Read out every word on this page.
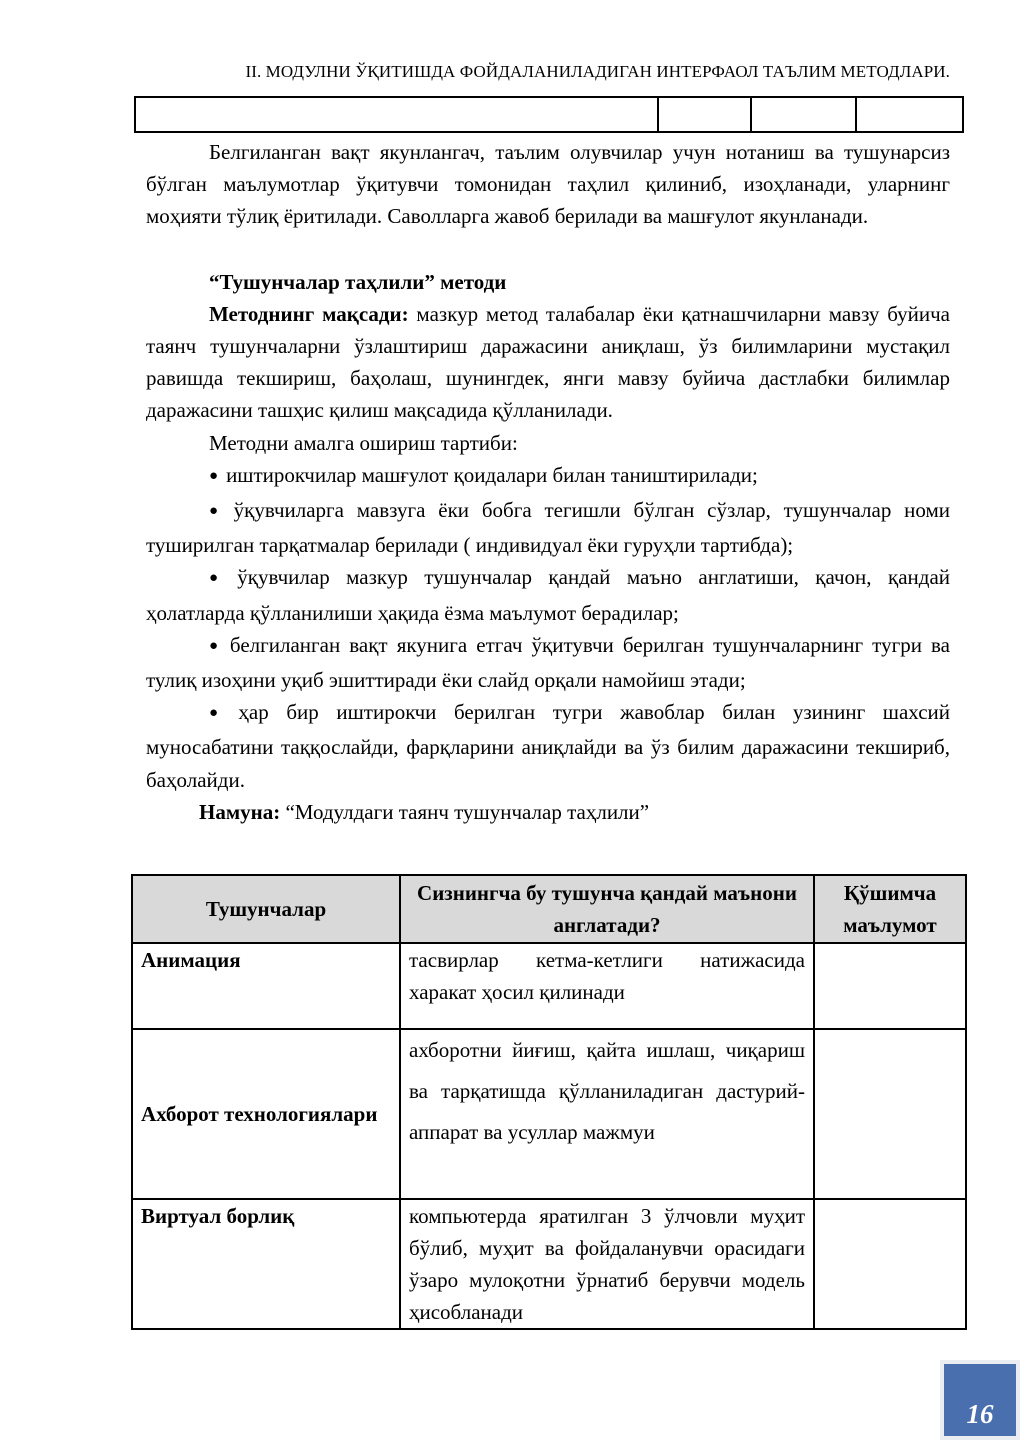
II. МОДУЛНИ ЎҚИТИШДА ФОЙДАЛАНИЛАДИГАН ИНТЕРФАОЛ ТАЪЛИМ МЕТОДЛАРИ.

Белгиланган вақт якунлангач, таълим олувчилар учун нотаниш ва тушунарсиз бўлган маълумотлар ўқитувчи томонидан таҳлил қилиниб, изоҳланади, уларнинг моҳияти тўлиқ ёритилади. Саволларга жавоб берилади ва машғулот якунланади.

“Тушунчалар таҳлили” методи

Методнинг мақсади: мазкур метод талабалар ёки қатнашчиларни мавзу буйича таянч тушунчаларни ўзлаштириш даражасини аниқлаш, ўз билимларини мустақил равишда текшириш, баҳолаш, шунингдек, янги мавзу буйича дастлабки билимлар даражасини ташҳис қилиш мақсадида қўлланилади.

Методни амалга ошириш тартиби:

● иштирокчилар машғулот қоидалари билан таништирилади;

● ўқувчиларга мавзуга ёки бобга тегишли бўлган сўзлар, тушунчалар номи туширилган тарқатмалар берилади ( индивидуал ёки гуруҳли тартибда);

● ўқувчилар мазкур тушунчалар қандай маъно англатиши, қачон, қандай ҳолатларда қўлланилиши ҳақида ёзма маълумот берадилар;

● белгиланган вақт якунига етгач ўқитувчи берилган тушунчаларнинг тугри ва тулиқ изоҳини уқиб эшиттиради ёки слайд орқали намойиш этади;

● ҳар бир иштирокчи берилган тугри жавоблар билан узининг шахсий муносабатини таққослайди, фарқларини аниқлайди ва ўз билим даражасини текшириб, баҳолайди.

Намуна: “Модулдаги таянч тушунчалар таҳлили”

Тушунчалар	Сизнингча бу тушунча қандай маънони англатади?	Қўшимча маълумот
Анимация	тасвирлар кетма-кетлиги натижасида харакат ҳосил қилинади	
Ахборот технологиялари	ахборотни йиғиш, қайта ишлаш, чиқариш ва тарқатишда қўлланиладиган дастурий-аппарат ва усуллар мажмуи	
Виртуал борлиқ	компьютерда яратилган 3 ўлчовли муҳит бўлиб, муҳит ва фойдаланувчи орасидаги ўзаро мулоқотни ўрнатиб берувчи модель ҳисобланади	
16
